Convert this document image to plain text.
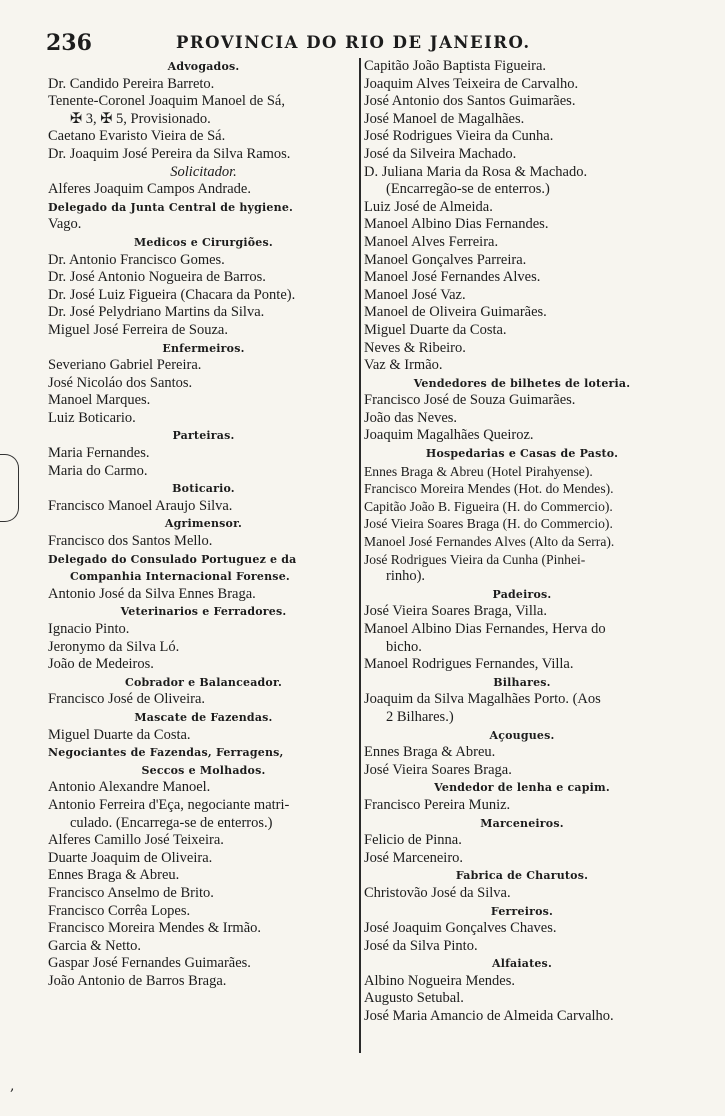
236	PROVINCIA DO RIO DE JANEIRO.
Advogados.
Dr. Candido Pereira Barreto.
Tenente-Coronel Joaquim Manoel de Sá,
✠ 3, ✠ 5, Provisionado.
Caetano Evaristo Vieira de Sá.
Dr. Joaquim José Pereira da Silva Ramos.
Solicitador.
Alferes Joaquim Campos Andrade.
Delegado da Junta Central de hygiene.
Vago.
Medicos e Cirurgiões.
Dr. Antonio Francisco Gomes.
Dr. José Antonio Nogueira de Barros.
Dr. José Luiz Figueira (Chacara da Ponte).
Dr. José Pelydriano Martins da Silva.
Miguel José Ferreira de Souza.
Enfermeiros.
Severiano Gabriel Pereira.
José Nicoláo dos Santos.
Manoel Marques.
Luiz Boticario.
Parteiras.
Maria Fernandes.
Maria do Carmo.
Boticario.
Francisco Manoel Araujo Silva.
Agrimensor.
Francisco dos Santos Mello.
Delegado do Consulado Portuguez e da
Companhia Internacional Forense.
Antonio José da Silva Ennes Braga.
Veterinarios e Ferradores.
Ignacio Pinto.
Jeronymo da Silva Ló.
João de Medeiros.
Cobrador e Balanceador.
Francisco José de Oliveira.
Mascate de Fazendas.
Miguel Duarte da Costa.
Negociantes de Fazendas, Ferragens,
Seccos e Molhados.
Antonio Alexandre Manoel.
Antonio Ferreira d'Eça, negociante matri-
culado. (Encarrega-se de enterros.)
Alferes Camillo José Teixeira.
Duarte Joaquim de Oliveira.
Ennes Braga & Abreu.
Francisco Anselmo de Brito.
Francisco Corrêa Lopes.
Francisco Moreira Mendes & Irmão.
Garcia & Netto.
Gaspar José Fernandes Guimarães.
João Antonio de Barros Braga.
Capitão João Baptista Figueira.
Joaquim Alves Teixeira de Carvalho.
José Antonio dos Santos Guimarães.
José Manoel de Magalhães.
José Rodrigues Vieira da Cunha.
José da Silveira Machado.
D. Juliana Maria da Rosa & Machado.
(Encarregão-se de enterros.)
Luiz José de Almeida.
Manoel Albino Dias Fernandes.
Manoel Alves Ferreira.
Manoel Gonçalves Parreira.
Manoel José Fernandes Alves.
Manoel José Vaz.
Manoel de Oliveira Guimarães.
Miguel Duarte da Costa.
Neves & Ribeiro.
Vaz & Irmão.
Vendedores de bilhetes de loteria.
Francisco José de Souza Guimarães.
João das Neves.
Joaquim Magalhães Queiroz.
Hospedarias e Casas de Pasto.
Ennes Braga & Abreu (Hotel Pirahyense).
Francisco Moreira Mendes (Hot. do Mendes).
Capitão João B. Figueira (H. do Commercio).
José Vieira Soares Braga (H. do Commercio).
Manoel José Fernandes Alves (Alto da Serra).
José Rodrigues Vieira da Cunha (Pinhei-
rinho).
Padeiros.
José Vieira Soares Braga, Villa.
Manoel Albino Dias Fernandes, Herva do
bicho.
Manoel Rodrigues Fernandes, Villa.
Bilhares.
Joaquim da Silva Magalhães Porto. (Aos
2 Bilhares.)
Açougues.
Ennes Braga & Abreu.
José Vieira Soares Braga.
Vendedor de lenha e capim.
Francisco Pereira Muniz.
Marceneiros.
Felicio de Pinna.
José Marceneiro.
Fabrica de Charutos.
Christovão José da Silva.
Ferreiros.
José Joaquim Gonçalves Chaves.
José da Silva Pinto.
Alfaiates.
Albino Nogueira Mendes.
Augusto Setubal.
José Maria Amancio de Almeida Carvalho.
,
